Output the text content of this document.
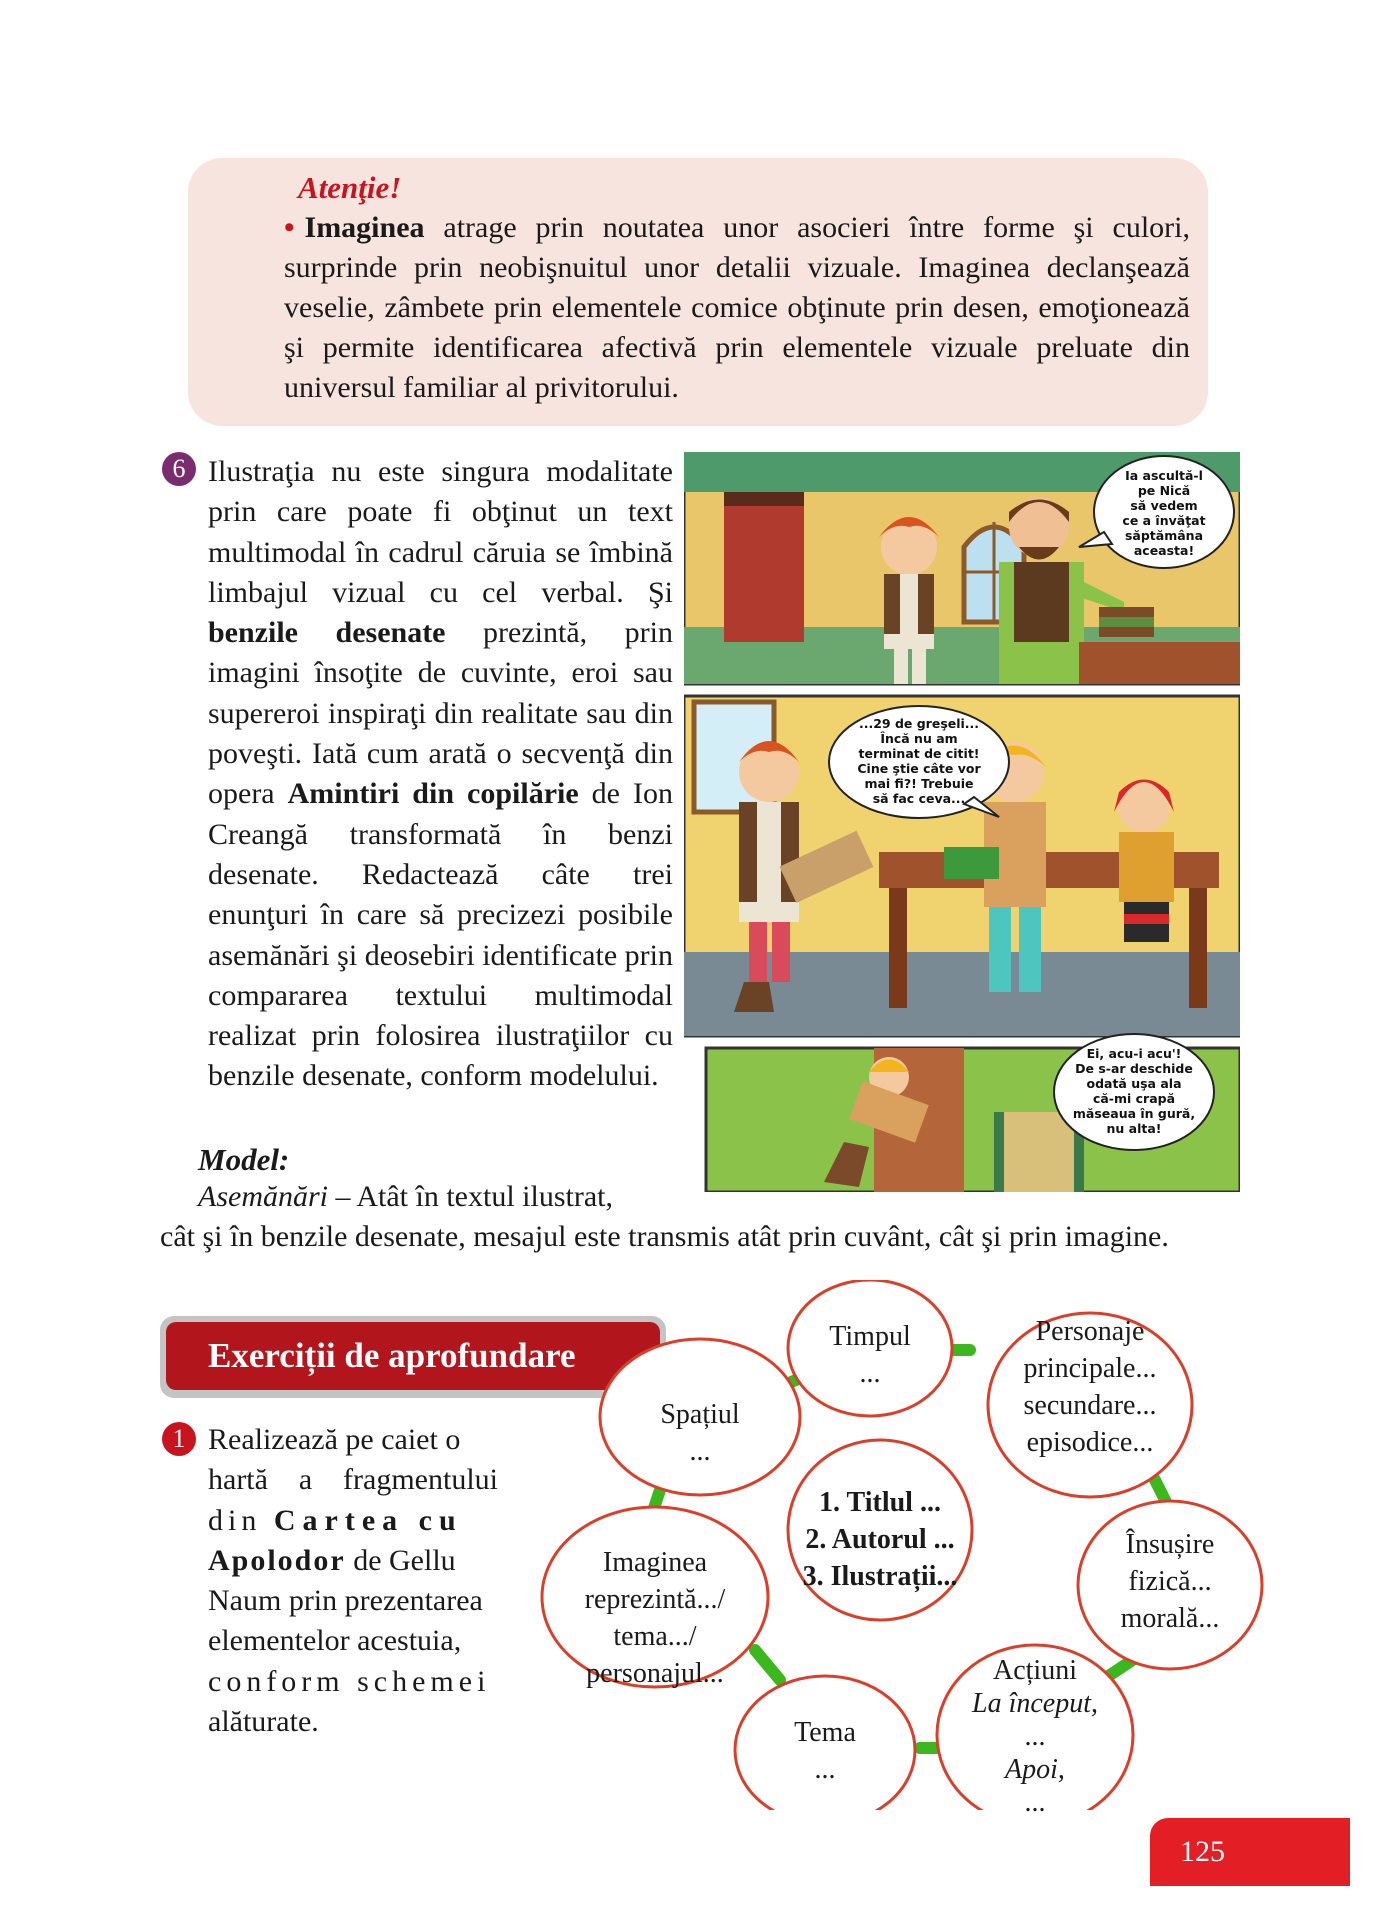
Atenţie!
• Imaginea atrage prin noutatea unor asocieri între forme şi culori, surprinde prin neobişnuitul unor detalii vizuale. Imaginea declanşează veselie, zâmbete prin elementele comice obţinute prin desen, emoţionează şi permite identificarea afectivă prin elementele vizuale preluate din universul familiar al privitorului.
6 Ilustraţia nu este singura modalitate prin care poate fi obţinut un text multimodal în cadrul căruia se îmbină limbajul vizual cu cel verbal. Şi benzile desenate prezintă, prin imagini însoţite de cuvinte, eroi sau supereroi inspiraţi din realitate sau din poveşti. Iată cum arată o secvenţă din opera Amintiri din copilărie de Ion Creangă transformată în benzi desenate. Redactează câte trei enunţuri în care să precizezi posibile asemănări şi deosebiri identificate prin compararea textului multimodal realizat prin folosirea ilustraţiilor cu benzile desenate, conform modelului.
Model:
Asemănări – Atât în textul ilustrat,
cât şi în benzile desenate, mesajul este transmis atât prin cuvânt, cât şi prin imagine.
Ia ascultă-l
pe Nică
să vedem
ce a învăţat
săptămâna
aceasta!
...29 de greşeli...
Încă nu am
terminat de citit!
Cine ştie câte vor
mai fi?! Trebuie
să fac ceva...
Ei, acu-i acu'!
De s-ar deschide
odată uşa ala
că-mi crapă
măseaua în gură,
nu alta!
Exerciții de aprofundare
1 Realizează pe caiet o
hartă a fragmentului
din Cartea cu
Apolodor de Gellu
Naum prin prezentarea
elementelor acestuia,
conform schemei
alăturate.
1. Titlul ...
2. Autorul ...
3. Ilustrații...
Timpul
...
Personaje
principale...
secundare...
episodice...
Spațiul
...
Însușire
fizică...
morală...
Imaginea
reprezintă.../
tema.../
personajul...
Tema
...
Acțiuni
La început,
...
Apoi,
...
125
